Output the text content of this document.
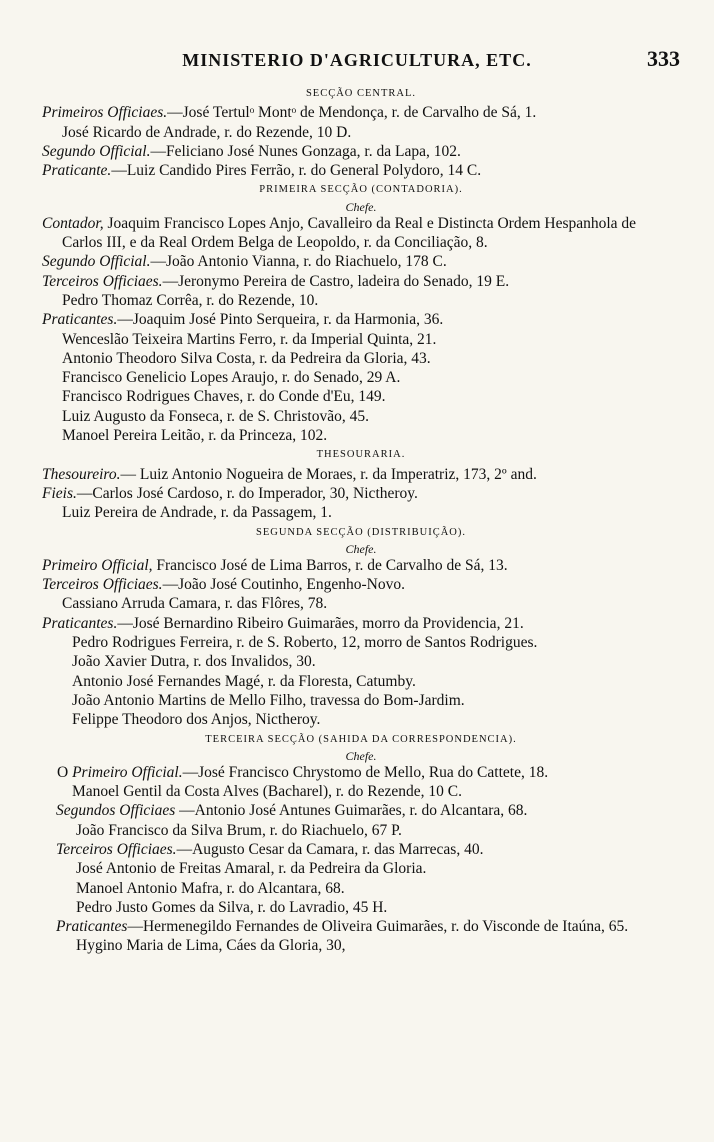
MINISTERIO D'AGRICULTURA, ETC.	333

SECÇÃO CENTRAL.

Primeiros Officiaes.—José Tertulᵒ Montᵒ de Mendonça, r. de Carvalho de Sá, 1.
José Ricardo de Andrade, r. do Rezende, 10 D.
Segundo Official.—Feliciano José Nunes Gonzaga, r. da Lapa, 102.
Praticante.—Luiz Candido Pires Ferrão, r. do General Polydoro, 14 C.

PRIMEIRA SECÇÃO (CONTADORIA).

Chefe.

Contador, Joaquim Francisco Lopes Anjo, Cavalleiro da Real e Distincta Ordem Hespanhola de Carlos III, e da Real Ordem Belga de Leopoldo, r. da Conciliação, 8.
Segundo Official.—João Antonio Vianna, r. do Riachuelo, 178 C.
Terceiros Officiaes.—Jeronymo Pereira de Castro, ladeira do Senado, 19 E.
Pedro Thomaz Corrêa, r. do Rezende, 10.
Praticantes.—Joaquim José Pinto Serqueira, r. da Harmonia, 36.
Wenceslão Teixeira Martins Ferro, r. da Imperial Quinta, 21.
Antonio Theodoro Silva Costa, r. da Pedreira da Gloria, 43.
Francisco Genelicio Lopes Araujo, r. do Senado, 29 A.
Francisco Rodrigues Chaves, r. do Conde d'Eu, 149.
Luiz Augusto da Fonseca, r. de S. Christovão, 45.
Manoel Pereira Leitão, r. da Princeza, 102.

THESOURARIA.

Thesoureiro.— Luiz Antonio Nogueira de Moraes, r. da Imperatriz, 173, 2º and.
Fieis.—Carlos José Cardoso, r. do Imperador, 30, Nictheroy.
Luiz Pereira de Andrade, r. da Passagem, 1.

SEGUNDA SECÇÃO (DISTRIBUIÇÃO).

Chefe.

Primeiro Official, Francisco José de Lima Barros, r. de Carvalho de Sá, 13.
Terceiros Officiaes.—João José Coutinho, Engenho-Novo.
Cassiano Arruda Camara, r. das Flôres, 78.
Praticantes.—José Bernardino Ribeiro Guimarães, morro da Providencia, 21.
Pedro Rodrigues Ferreira, r. de S. Roberto, 12, morro de Santos Rodrigues.
João Xavier Dutra, r. dos Invalidos, 30.
Antonio José Fernandes Magé, r. da Floresta, Catumby.
João Antonio Martins de Mello Filho, travessa do Bom-Jardim.
Felippe Theodoro dos Anjos, Nictheroy.

TERCEIRA SECÇÃO (SAHIDA DA CORRESPONDENCIA).

Chefe.

O Primeiro Official.—José Francisco Chrystomo de Mello, Rua do Cattete, 18.
Manoel Gentil da Costa Alves (Bacharel), r. do Rezende, 10 C.
Segundos Officiaes —Antonio José Antunes Guimarães, r. do Alcantara, 68.
João Francisco da Silva Brum, r. do Riachuelo, 67 P.
Terceiros Officiaes.—Augusto Cesar da Camara, r. das Marrecas, 40.
José Antonio de Freitas Amaral, r. da Pedreira da Gloria.
Manoel Antonio Mafra, r. do Alcantara, 68.
Pedro Justo Gomes da Silva, r. do Lavradio, 45 H.
Praticantes—Hermenegildo Fernandes de Oliveira Guimarães, r. do Visconde de Itaúna, 65.
Hygino Maria de Lima, Cáes da Gloria, 30,
